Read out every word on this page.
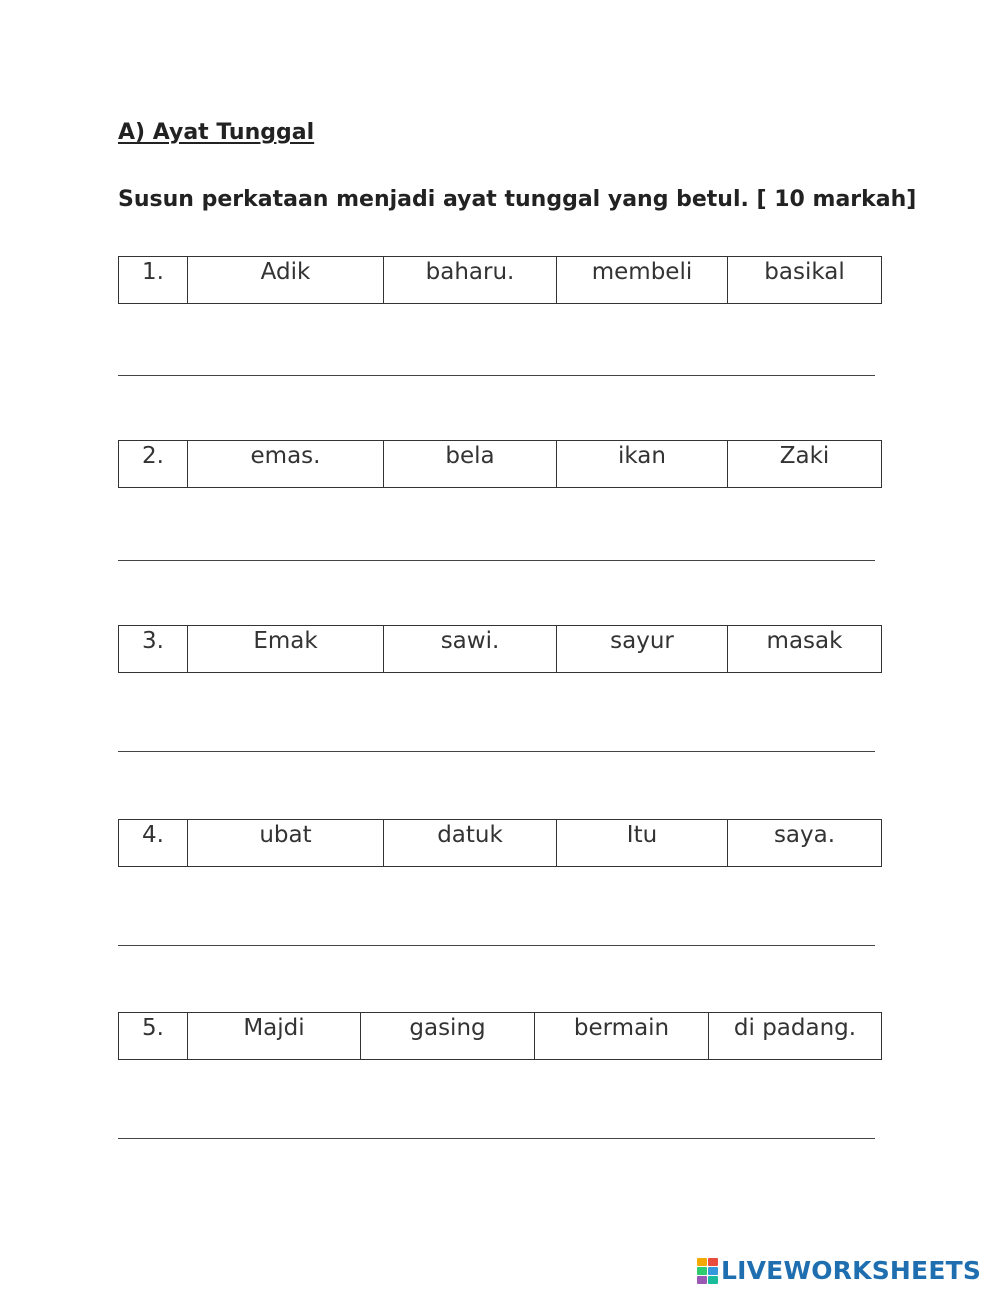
A) Ayat Tunggal

Susun perkataan menjadi ayat tunggal yang betul. [ 10 markah]

1.	Adik	baharu.	membeli	basikal
2.	emas.	bela	ikan	Zaki
3.	Emak	sawi.	sayur	masak
4.	ubat	datuk	Itu	saya.
5.	Majdi	gasing	bermain	di padang.
LIVEWORKSHEETS
